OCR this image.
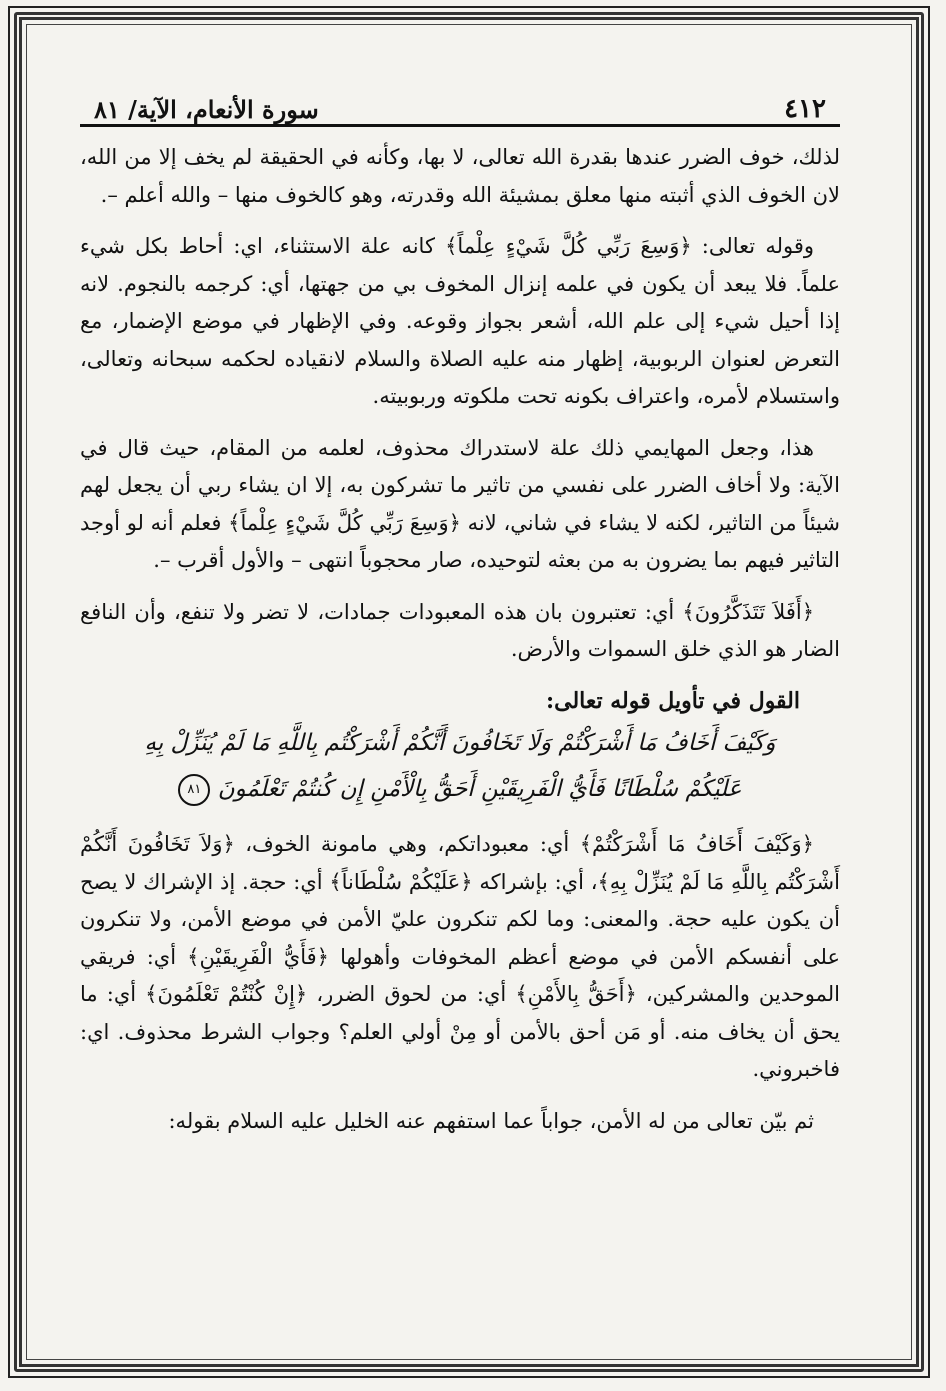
٤١٢
سورة الأنعام، الآية/ ٨١

لذلك، خوف الضرر عندها بقدرة الله تعالى، لا بها، وكأنه في الحقيقة لم يخف إلا من الله، لان الخوف الذي أثبته منها معلق بمشيئة الله وقدرته، وهو كالخوف منها – والله أعلم –.

وقوله تعالى: ﴿وَسِعَ رَبِّي كُلَّ شَيْءٍ عِلْماً﴾ كانه علة الاستثناء، اي: أحاط بكل شيء علماً. فلا يبعد أن يكون في علمه إنزال المخوف بي من جهتها، أي: كرجمه بالنجوم. لانه إذا أحيل شيء إلى علم الله، أشعر بجواز وقوعه. وفي الإظهار في موضع الإضمار، مع التعرض لعنوان الربوبية، إظهار منه عليه الصلاة والسلام لانقياده لحكمه سبحانه وتعالى، واستسلام لأمره، واعتراف بكونه تحت ملكوته وربوبيته.

هذا، وجعل المهايمي ذلك علة لاستدراك محذوف، لعلمه من المقام، حيث قال في الآية: ولا أخاف الضرر على نفسي من تاثير ما تشركون به، إلا ان يشاء ربي أن يجعل لهم شيئاً من التاثير، لكنه لا يشاء في شاني، لانه ﴿وَسِعَ رَبِّي كُلَّ شَيْءٍ عِلْماً﴾ فعلم أنه لو أوجد التاثير فيهم بما يضرون به من بعثه لتوحيده، صار محجوباً انتهى – والأول أقرب –.

﴿أَفَلاَ تَتَذَكَّرُونَ﴾ أي: تعتبرون بان هذه المعبودات جمادات، لا تضر ولا تنفع، وأن النافع الضار هو الذي خلق السموات والأرض.

القول في تأويل قوله تعالى:

وَكَيْفَ أَخَافُ مَا أَشْرَكْتُمْ وَلَا تَخَافُونَ أَنَّكُمْ أَشْرَكْتُم بِاللَّهِ مَا لَمْ يُنَزِّلْ بِهِ

عَلَيْكُمْ سُلْطَانًا فَأَيُّ الْفَرِيقَيْنِ أَحَقُّ بِالْأَمْنِ إِن كُنتُمْ تَعْلَمُونَ ٨١

﴿وَكَيْفَ أَخَافُ مَا أَشْرَكْتُمْ﴾ أي: معبوداتكم، وهي مامونة الخوف، ﴿وَلاَ تَخَافُونَ أَنَّكُمْ أَشْرَكْتُم بِاللَّهِ مَا لَمْ يُنَزِّلْ بِهِ﴾، أي: بإشراكه ﴿عَلَيْكُمْ سُلْطَاناً﴾ أي: حجة. إذ الإشراك لا يصح أن يكون عليه حجة. والمعنى: وما لكم تنكرون عليّ الأمن في موضع الأمن، ولا تنكرون على أنفسكم الأمن في موضع أعظم المخوفات وأهولها ﴿فَأَيُّ الْفَرِيقَيْنِ﴾ أي: فريقي الموحدين والمشركين، ﴿أَحَقُّ بِالأَمْنِ﴾ أي: من لحوق الضرر، ﴿إِنْ كُنْتُمْ تَعْلَمُونَ﴾ أي: ما يحق أن يخاف منه. أو مَن أحق بالأمن أو مِنْ أولي العلم؟ وجواب الشرط محذوف. اي: فاخبروني.

ثم بيّن تعالى من له الأمن، جواباً عما استفهم عنه الخليل عليه السلام بقوله:
